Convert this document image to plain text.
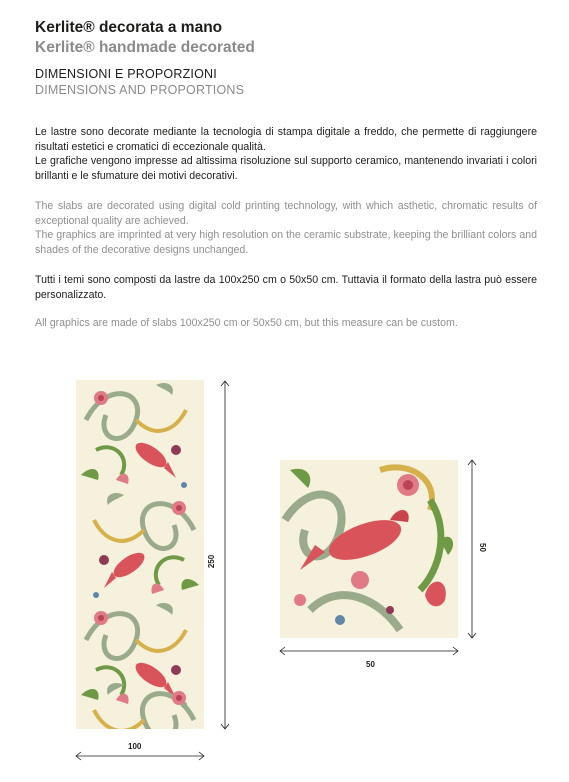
Kerlite® decorata a mano
Kerlite® handmade decorated
DIMENSIONI E PROPORZIONI
DIMENSIONS AND PROPORTIONS

Le lastre sono decorate mediante la tecnologia di stampa digitale a freddo, che permette di raggiungere risultati estetici e cromatici di eccezionale qualità.

Le grafiche vengono impresse ad altissima risoluzione sul supporto ceramico, mantenendo invariati i colori brillanti e le sfumature dei motivi decorativi.

The slabs are decorated using digital cold printing technology, with which asthetic, chromatic results of exceptional quality are achieved.

The graphics are imprinted at very high resolution on the ceramic substrate, keeping the brilliant colors and shades of the decorative designs unchanged.

Tutti i temi sono composti da lastre da 100x250 cm o 50x50 cm. Tuttavia il formato della lastra può essere personalizzato.

All graphics are made of slabs 100x250 cm or 50x50 cm, but this measure can be custom.

250
100
50
50
